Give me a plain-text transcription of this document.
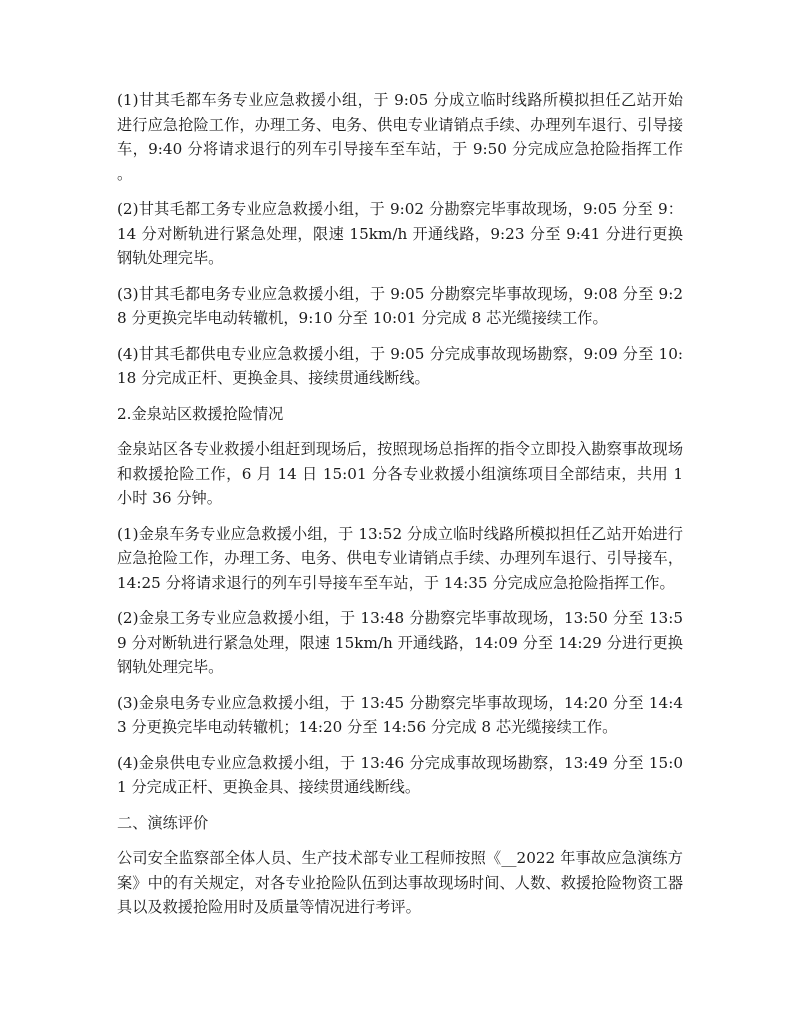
(1)甘其毛都车务专业应急救援小组，于 9:05 分成立临时线路所模拟担任乙站开始进行应急抢险工作，办理工务、电务、供电专业请销点手续、办理列车退行、引导接车，9:40 分将请求退行的列车引导接车至车站，于 9:50 分完成应急抢险指挥工作。

(2)甘其毛都工务专业应急救援小组，于 9:02 分勘察完毕事故现场，9:05 分至 9：14 分对断轨进行紧急处理，限速 15km/h 开通线路，9:23 分至 9:41 分进行更换钢轨处理完毕。

(3)甘其毛都电务专业应急救援小组，于 9:05 分勘察完毕事故现场，9:08 分至 9:28 分更换完毕电动转辙机，9:10 分至 10:01 分完成 8 芯光缆接续工作。

(4)甘其毛都供电专业应急救援小组，于 9:05 分完成事故现场勘察，9:09 分至 10:18 分完成正杆、更换金具、接续贯通线断线。

2.金泉站区救援抢险情况

金泉站区各专业救援小组赶到现场后，按照现场总指挥的指令立即投入勘察事故现场和救援抢险工作，6 月 14 日 15:01 分各专业救援小组演练项目全部结束，共用 1 小时 36 分钟。

(1)金泉车务专业应急救援小组，于 13:52 分成立临时线路所模拟担任乙站开始进行应急抢险工作，办理工务、电务、供电专业请销点手续、办理列车退行、引导接车，14:25 分将请求退行的列车引导接车至车站，于 14:35 分完成应急抢险指挥工作。

(2)金泉工务专业应急救援小组，于 13:48 分勘察完毕事故现场，13:50 分至 13:59 分对断轨进行紧急处理，限速 15km/h 开通线路，14:09 分至 14:29 分进行更换钢轨处理完毕。

(3)金泉电务专业应急救援小组，于 13:45 分勘察完毕事故现场，14:20 分至 14:43 分更换完毕电动转辙机；14:20 分至 14:56 分完成 8 芯光缆接续工作。

(4)金泉供电专业应急救援小组，于 13:46 分完成事故现场勘察，13:49 分至 15:01 分完成正杆、更换金具、接续贯通线断线。

二、演练评价

公司安全监察部全体人员、生产技术部专业工程师按照《__2022 年事故应急演练方案》中的有关规定，对各专业抢险队伍到达事故现场时间、人数、救援抢险物资工器具以及救援抢险用时及质量等情况进行考评。
